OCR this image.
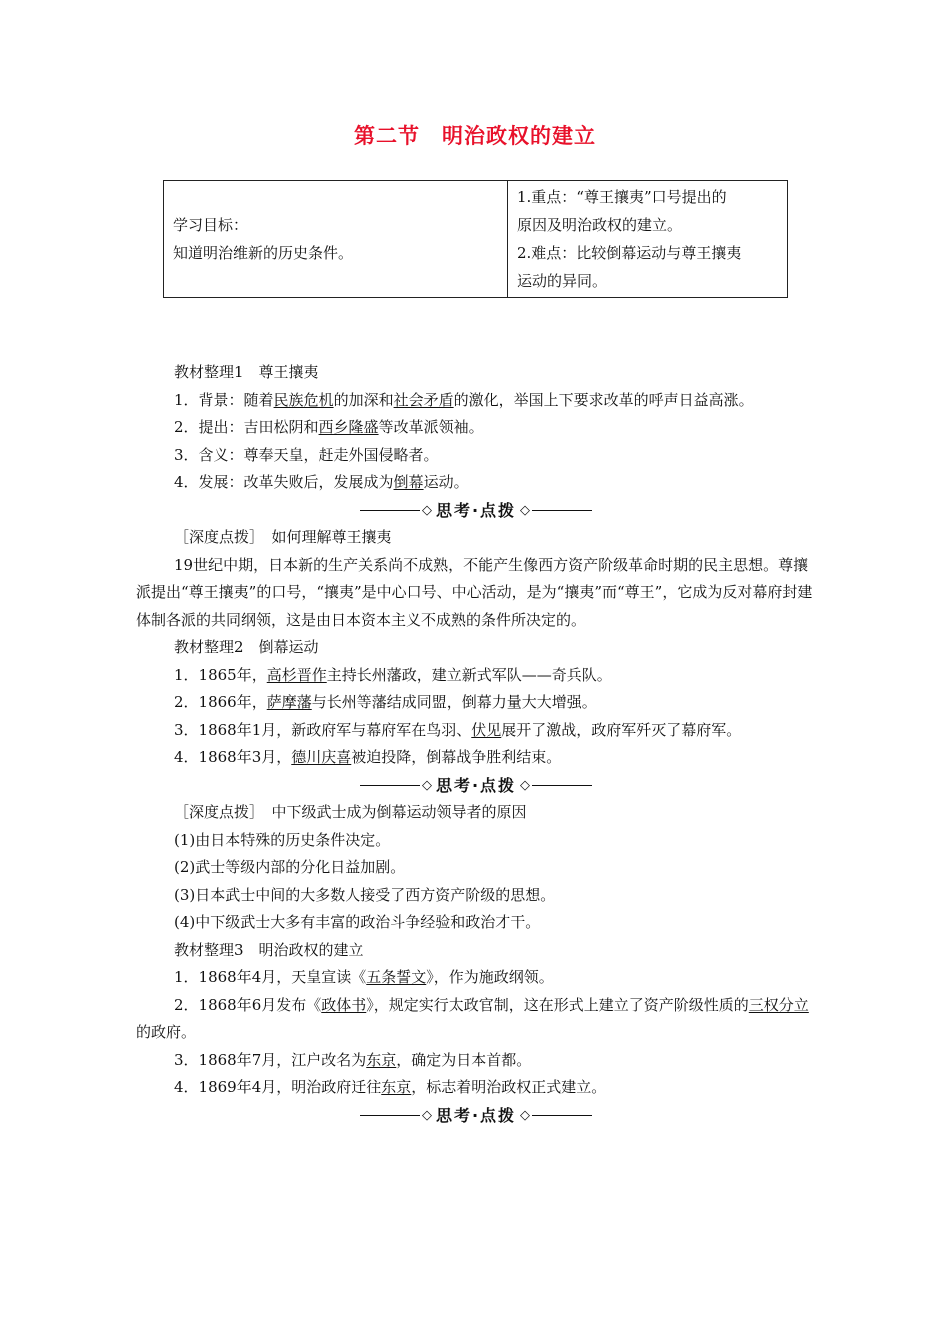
第二节　明治政权的建立
学习目标：
知道明治维新的历史条件。

1.重点：“尊王攘夷”口号提出的
原因及明治政权的建立。
2.难点：比较倒幕运动与尊王攘夷
运动的异同。

教材整理1　尊王攘夷

1．背景：随着民族危机的加深和社会矛盾的激化，举国上下要求改革的呼声日益高涨。

2．提出：吉田松阴和西乡隆盛等改革派领袖。

3．含义：尊奉天皇，赶走外国侵略者。

4．发展：改革失败后，发展成为倒幕运动。

◇ 思考·点拨 ◇

［深度点拨］　如何理解尊王攘夷

19世纪中期，日本新的生产关系尚不成熟，不能产生像西方资产阶级革命时期的民主思想。尊攘派提出“尊王攘夷”的口号，“攘夷”是中心口号、中心活动，是为“攘夷”而“尊王”，它成为反对幕府封建体制各派的共同纲领，这是由日本资本主义不成熟的条件所决定的。

教材整理2　倒幕运动

1．1865年，高杉晋作主持长州藩政，建立新式军队——奇兵队。

2．1866年，萨摩藩与长州等藩结成同盟，倒幕力量大大增强。

3．1868年1月，新政府军与幕府军在鸟羽、伏见展开了激战，政府军歼灭了幕府军。

4．1868年3月，德川庆喜被迫投降，倒幕战争胜利结束。

◇ 思考·点拨 ◇

［深度点拨］　中下级武士成为倒幕运动领导者的原因

(1)由日本特殊的历史条件决定。

(2)武士等级内部的分化日益加剧。

(3)日本武士中间的大多数人接受了西方资产阶级的思想。

(4)中下级武士大多有丰富的政治斗争经验和政治才干。

教材整理3　明治政权的建立

1．1868年4月，天皇宣读《五条誓文》，作为施政纲领。

2．1868年6月发布《政体书》，规定实行太政官制，这在形式上建立了资产阶级性质的三权分立的政府。

3．1868年7月，江户改名为东京，确定为日本首都。

4．1869年4月，明治政府迁往东京，标志着明治政权正式建立。

◇ 思考·点拨 ◇
